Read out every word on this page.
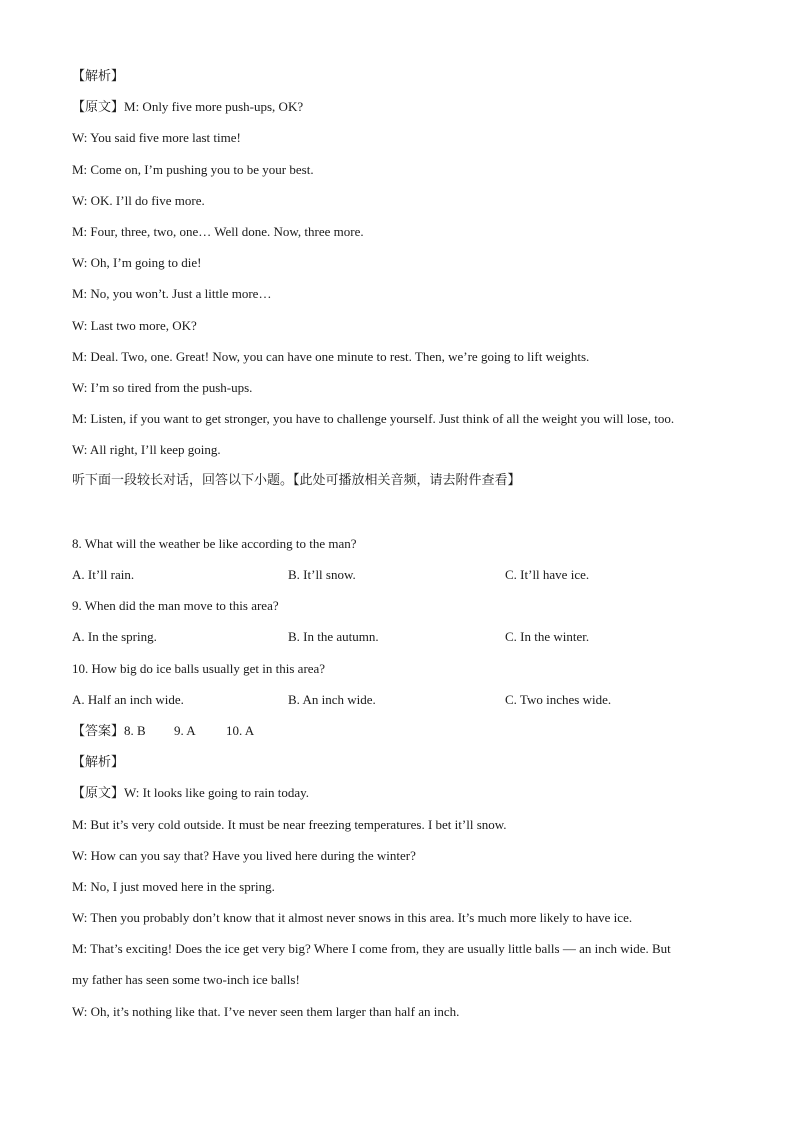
【解析】
【原文】M: Only five more push-ups, OK?
W: You said five more last time!
M: Come on, I’m pushing you to be your best.
W: OK. I’ll do five more.
M: Four, three, two, one… Well done. Now, three more.
W: Oh, I’m going to die!
M: No, you won’t. Just a little more…
W: Last two more, OK?
M: Deal. Two, one. Great! Now, you can have one minute to rest. Then, we’re going to lift weights.
W: I’m so tired from the push-ups.
M: Listen, if you want to get stronger, you have to challenge yourself. Just think of all the weight you will lose, too.
W: All right, I’ll keep going.
听下面一段较长对话，回答以下小题。【此处可播放相关音频，请去附件查看】
8. What will the weather be like according to the man?
A. It’ll rain.	B. It’ll snow.	C. It’ll have ice.
9. When did the man move to this area?
A. In the spring.	B. In the autumn.	C. In the winter.
10. How big do ice balls usually get in this area?
A. Half an inch wide.	B. An inch wide.	C. Two inches wide.
【答案】8. B 9. A 10. A
【解析】
【原文】W: It looks like going to rain today.
M: But it’s very cold outside. It must be near freezing temperatures. I bet it’ll snow.
W: How can you say that? Have you lived here during the winter?
M: No, I just moved here in the spring.
W: Then you probably don’t know that it almost never snows in this area. It’s much more likely to have ice.
M: That’s exciting! Does the ice get very big? Where I come from, they are usually little balls — an inch wide. But
my father has seen some two-inch ice balls!
W: Oh, it’s nothing like that. I’ve never seen them larger than half an inch.
